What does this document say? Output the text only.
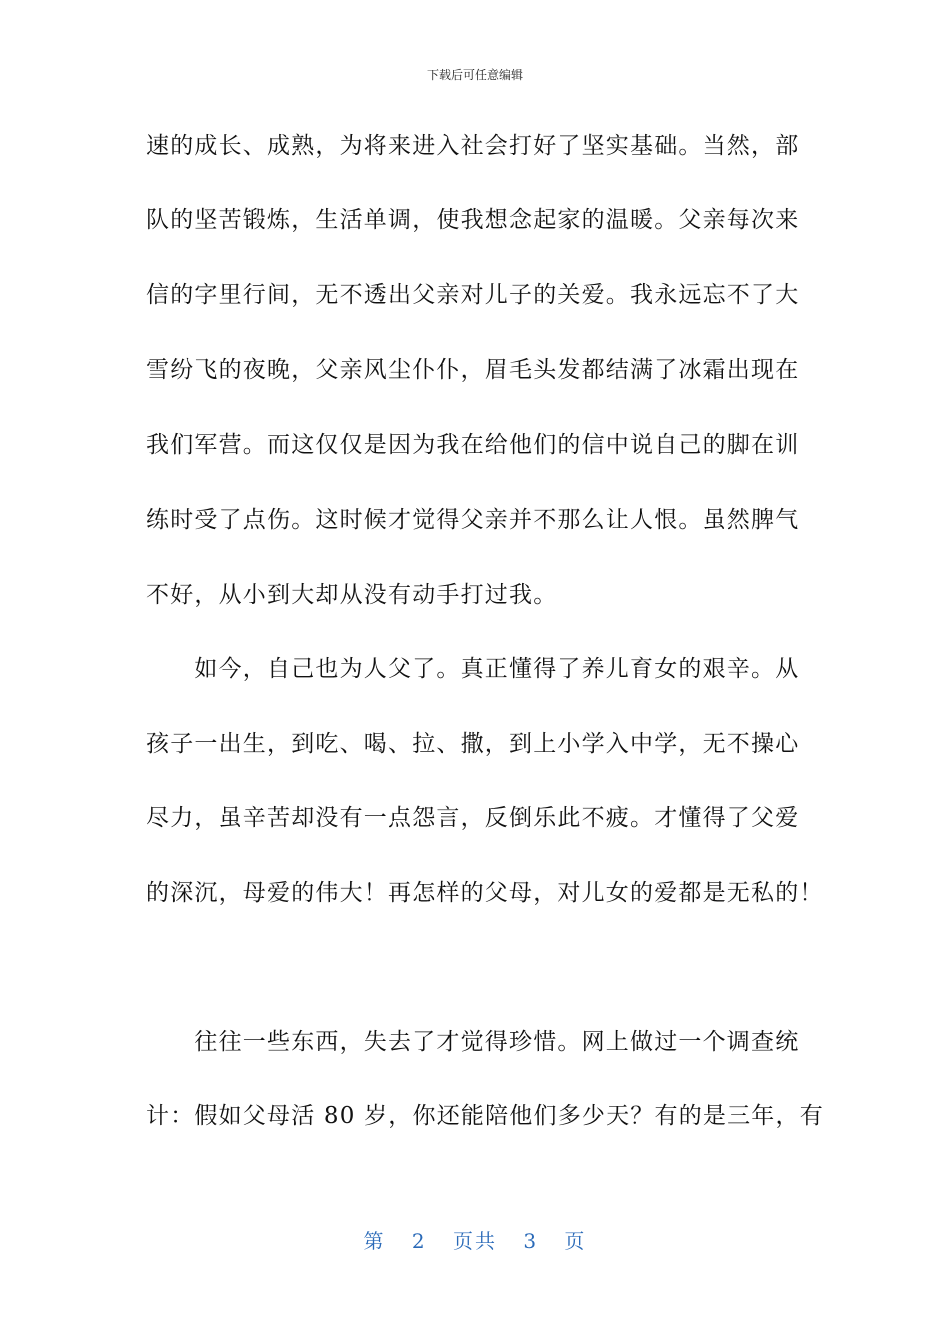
下载后可任意编辑
速的成长、成熟，为将来进入社会打好了坚实基础。当然，部
队的坚苦锻炼，生活单调，使我想念起家的温暖。父亲每次来
信的字里行间，无不透出父亲对儿子的关爱。我永远忘不了大
雪纷飞的夜晚，父亲风尘仆仆，眉毛头发都结满了冰霜出现在
我们军营。而这仅仅是因为我在给他们的信中说自己的脚在训
练时受了点伤。这时候才觉得父亲并不那么让人恨。虽然脾气
不好，从小到大却从没有动手打过我。
　　如今，自己也为人父了。真正懂得了养儿育女的艰辛。从
孩子一出生，到吃、喝、拉、撒，到上小学入中学，无不操心
尽力，虽辛苦却没有一点怨言，反倒乐此不疲。才懂得了父爱
的深沉，母爱的伟大！再怎样的父母，对儿女的爱都是无私的！
　　往往一些东西，失去了才觉得珍惜。网上做过一个调查统
计：假如父母活 80 岁，你还能陪他们多少天？有的是三年，有
第 2 页共 3 页
